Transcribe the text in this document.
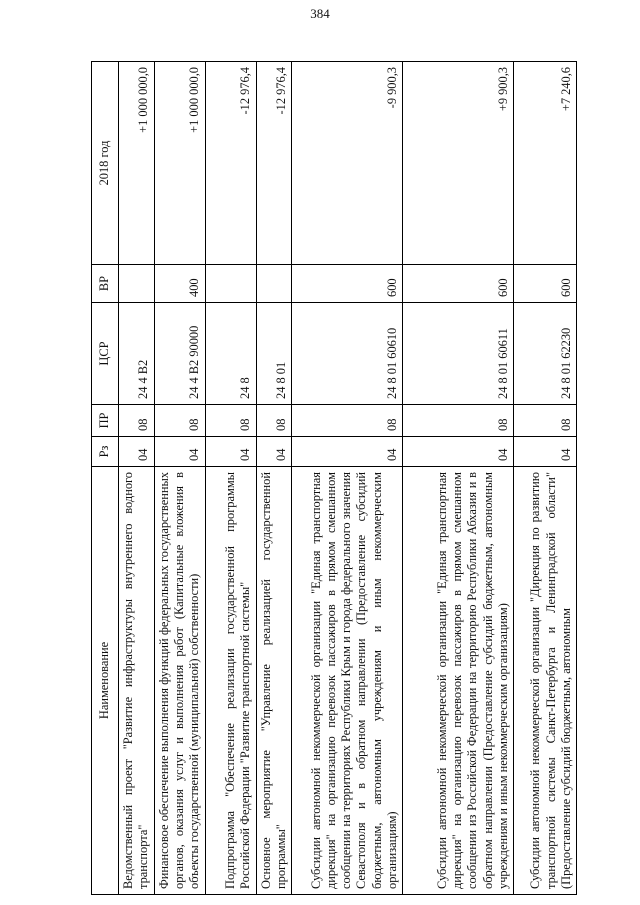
384
Наименование	Рз	ПР	ЦСР	ВР	2018 год
Ведомственный проект "Развитие инфраструктуры внутреннего водного транспорта"	04	08	24 4 В2		+1 000 000,0
Финансовое обеспечение выполнения функций федеральных государственных органов, оказания услуг и выполнения работ (Капитальные вложения в объекты государственной (муниципальной) собственности)	04	08	24 4 В2 90000	400	+1 000 000,0
Подпрограмма "Обеспечение реализации государственной программы Российской Федерации "Развитие транспортной системы"	04	08	24 8		-12 976,4
Основное мероприятие "Управление реализацией государственной программы"	04	08	24 8 01		-12 976,4
Субсидии автономной некоммерческой организации "Единая транспортная дирекция" на организацию перевозок пассажиров в прямом смешанном сообщении на территориях Республики Крым и города федерального значения Севастополя и в обратном направлении (Предоставление субсидий бюджетным, автономным учреждениям и иным некоммерческим организациям)	04	08	24 8 01 60610	600	-9 900,3
Субсидии автономной некоммерческой организации "Единая транспортная дирекция" на организацию перевозок пассажиров в прямом смешанном сообщении из Российской Федерации на территорию Республики Абхазия и в обратном направлении (Предоставление субсидий бюджетным, автономным учреждениям и иным некоммерческим организациям)	04	08	24 8 01 60611	600	+9 900,3
Субсидии автономной некоммерческой организации "Дирекция по развитию транспортной системы Санкт-Петербурга и Ленинградской области" (Предоставление субсидий бюджетным, автономным	04	08	24 8 01 62230	600	+7 240,6
